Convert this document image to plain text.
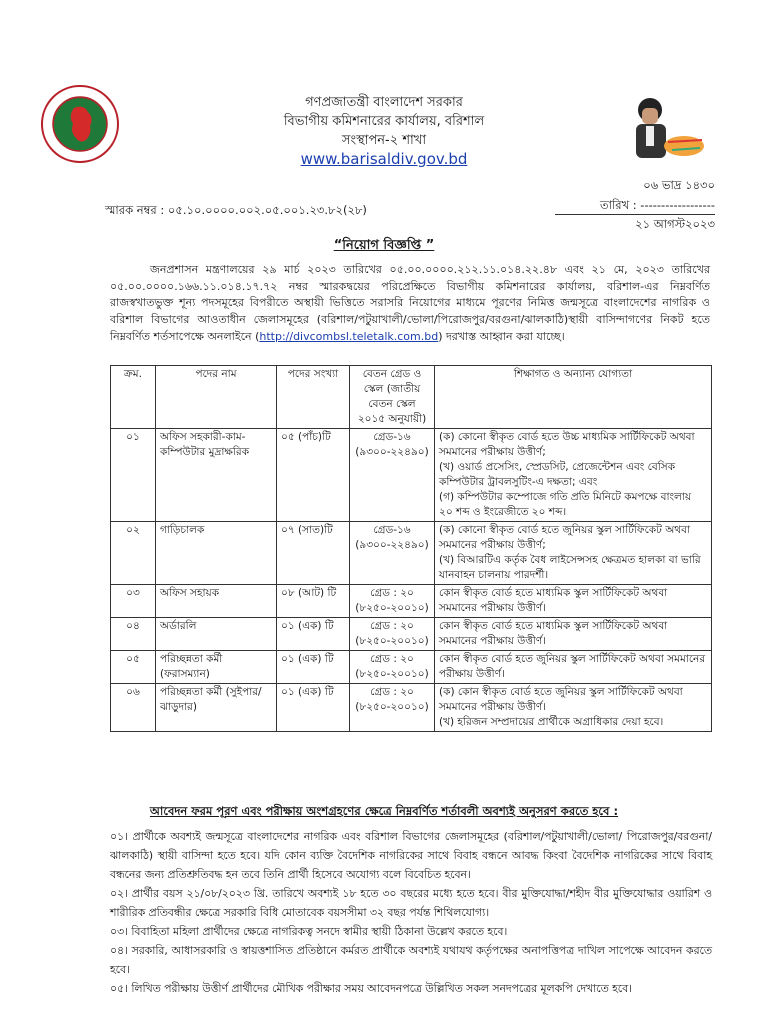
গণপ্রজাতন্ত্রী বাংলাদেশ সরকার
বিভাগীয় কমিশনারের কার্যালয়, বরিশাল
সংস্থাপন-২ শাখা
www.barisaldiv.gov.bd
০৬ ভাদ্র ১৪৩০
তারিখ : ------------------
২১ আগস্ট২০২৩
স্মারক নম্বর : ০৫.১০.০০০০.০০২.০৫.০০১.২৩.৮২(২৮)
“নিয়োগ বিজ্ঞপ্তি ”
জনপ্রশাসন মন্ত্রণালয়ের ২৯ মার্চ ২০২৩ তারিখের ০৫.০০.০০০০.২১২.১১.০১৪.২২.৪৮ এবং ২১ মে, ২০২৩ তারিখের ০৫.০০.০০০০.১৬৬.১১.০১৪.১৭.৭২ নম্বর স্মারকদ্বয়ের পরিপ্রেক্ষিতে বিভাগীয় কমিশনারের কার্যালয়, বরিশাল-এর নিম্নবর্ণিত রাজস্বখাতভুক্ত শূন্য পদসমূহের বিপরীতে অস্থায়ী ভিত্তিতে সরাসরি নিয়োগের মাধ্যমে পূরণের নিমিত্ত জন্মসূত্রে বাংলাদেশের নাগরিক ও বরিশাল বিভাগের আওতাধীন জেলাসমূহের (বরিশাল/পটুয়াখালী/ভোলা/পিরোজপুর/বরগুনা/ঝালকাঠি)স্থায়ী বাসিন্দাগণের নিকট হতে নিম্নবর্ণিত শর্তসাপেক্ষে অনলাইনে (http://divcombsl.teletalk.com.bd) দরখাস্ত আহ্বান করা যাচ্ছে।
ক্রম.	পদের নাম	পদের সংখ্যা	বেতন গ্রেড ও স্কেল (জাতীয় বেতন স্কেল ২০১৫ অনুযায়ী)	শিক্ষাগত ও অন্যান্য যোগ্যতা
০১	অফিস সহকারী-কাম-কম্পিউটার মুদ্রাক্ষরিক	০৫ (পাঁচ)টি	গ্রেড-১৬
(৯৩০০-২২৪৯০)	(ক) কোনো স্বীকৃত বোর্ড হতে উচ্চ মাধ্যমিক সার্টিফিকেট অথবা সমমানের পরীক্ষায় উত্তীর্ণ;
(খ) ওয়ার্ড প্রসেসিং, স্প্রেডসিট, প্রেজেন্টেশন এবং বেসিক কম্পিউটার ট্রাবলসুটিং-এ দক্ষতা; এবং
(গ) কম্পিউটার কম্পোজে গতি প্রতি মিনিটে কমপক্ষে বাংলায় ২০ শব্দ ও ইংরেজীতে ২০ শব্দ।

০২	গাড়িচালক	০৭ (সাত)টি	গ্রেড-১৬
(৯৩০০-২২৪৯০)	(ক) কোনো স্বীকৃত বোর্ড হতে জুনিয়র স্কুল সার্টিফিকেট অথবা সমমানের পরীক্ষায় উত্তীর্ণ;
(খ) বিআরটিএ কর্তৃক বৈধ লাইসেন্সসহ ক্ষেত্রমত হালকা বা ভারি যানবাহন চালনায় পারদর্শী।

০৩	অফিস সহায়ক	০৮ (আট) টি	গ্রেড : ২০
(৮২৫০-২০০১০)	কোন স্বীকৃত বোর্ড হতে মাধ্যমিক স্কুল সার্টিফিকেট অথবা সমমানের পরীক্ষায় উত্তীর্ণ।

০৪	অর্ডারলি	০১ (এক) টি	গ্রেড : ২০
(৮২৫০-২০০১০)	কোন স্বীকৃত বোর্ড হতে মাধ্যমিক স্কুল সার্টিফিকেট অথবা সমমানের পরীক্ষায় উত্তীর্ণ।

০৫	পরিচ্ছন্নতা কর্মী (ফরাসম্যান)	০১ (এক) টি	গ্রেড : ২০
(৮২৫০-২০০১০)	কোন স্বীকৃত বোর্ড হতে জুনিয়র স্কুল সার্টিফিকেট অথবা সমমানের পরীক্ষায় উত্তীর্ণ।

০৬	পরিচ্ছন্নতা কর্মী (সুইপার/ঝাড়ুদার)	০১ (এক) টি	গ্রেড : ২০
(৮২৫০-২০০১০)	(ক) কোন স্বীকৃত বোর্ড হতে জুনিয়র স্কুল সার্টিফিকেট অথবা সমমানের পরীক্ষায় উত্তীর্ণ।
(খ) হরিজন সম্প্রদায়ের প্রার্থীকে অগ্রাধিকার দেয়া হবে।
আবেদন ফরম পূরণ এবং পরীক্ষায় অংশগ্রহণের ক্ষেত্রে নিম্নবর্ণিত শর্তাবলী অবশ্যই অনুসরণ করতে হবে :

০১। প্রার্থীকে অবশ্যই জন্মসূত্রে বাংলাদেশের নাগরিক এবং বরিশাল বিভাগের জেলাসমূহের (বরিশাল/পটুয়াখালী/ভোলা/ পিরোজপুর/বরগুনা/ঝালকাঠি) স্থায়ী বাসিন্দা হতে হবে। যদি কোন ব্যক্তি বৈদেশিক নাগরিকের সাথে বিবাহ বন্ধনে আবদ্ধ কিংবা বৈদেশিক নাগরিকের সাথে বিবাহ বন্ধনের জন্য প্রতিশ্রুতিবদ্ধ হন তবে তিনি প্রার্থী হিসেবে অযোগ্য বলে বিবেচিত হবেন।

০২। প্রার্থীর বয়স ২১/০৮/২০২৩ খ্রি. তারিখে অবশ্যই ১৮ হতে ৩০ বছরের মধ্যে হতে হবে। বীর মুক্তিযোদ্ধা/শহীদ বীর মুক্তিযোদ্ধার ওয়ারিশ ও শারীরিক প্রতিবন্ধীর ক্ষেত্রে সরকারি বিধি মোতাবেক বয়সসীমা ৩২ বছর পর্যন্ত শিথিলযোগ্য।

০৩। বিবাহিতা মহিলা প্রার্থীদের ক্ষেত্রে নাগরিকত্ব সনদে স্বামীর স্থায়ী ঠিকানা উল্লেখ করতে হবে।

০৪। সরকারি, আধাসরকারি ও স্বায়ত্তশাসিত প্রতিষ্ঠানে কর্মরত প্রার্থীকে অবশ্যই যথাযথ কর্তৃপক্ষের অনাপত্তিপত্র দাখিল সাপেক্ষে আবেদন করতে হবে।

০৫। লিখিত পরীক্ষায় উত্তীর্ণ প্রার্থীদের মৌখিক পরীক্ষার সময় আবেদনপত্রে উল্লিখিত সকল সনদপত্রের মূলকপি দেখাতে হবে।
